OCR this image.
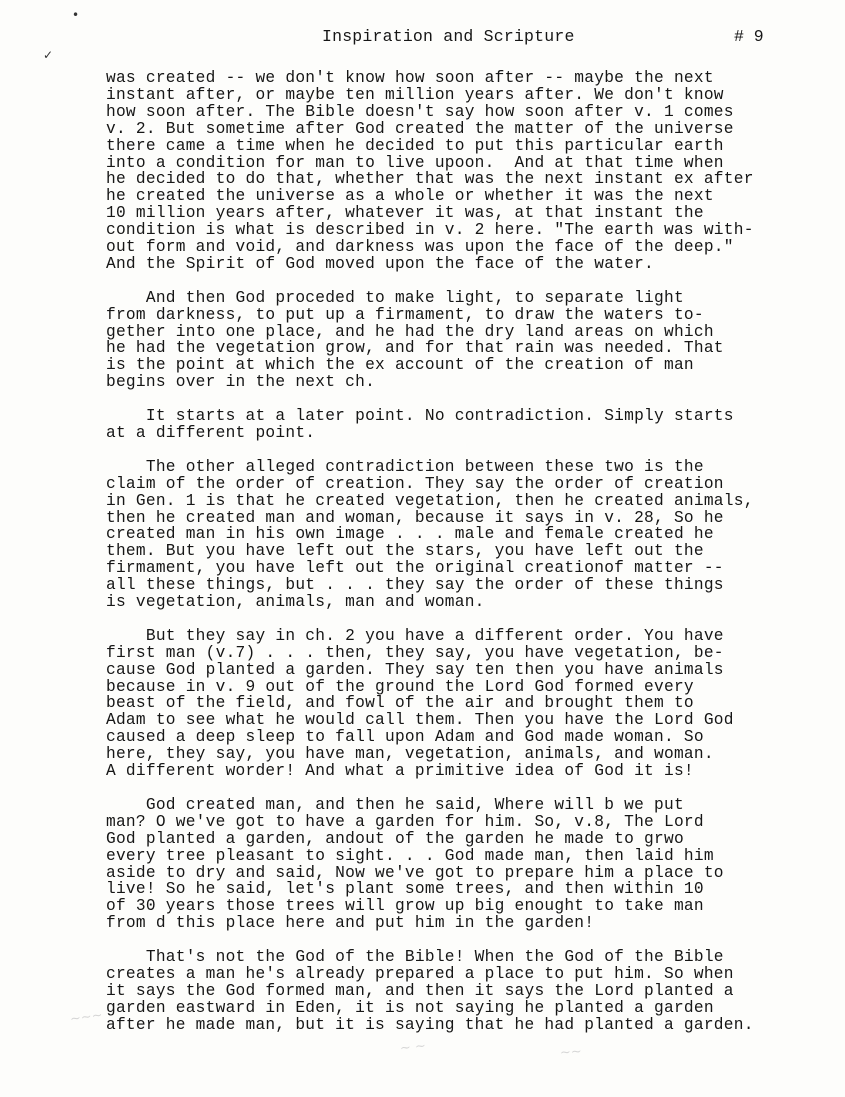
•
✓
Inspiration and Scripture	# 9
was created -- we don't know how soon after -- maybe the next
instant after, or maybe ten million years after. We don't know
how soon after. The Bible doesn't say how soon after v. 1 comes
v. 2. But sometime after God created the matter of the universe
there came a time when he decided to put this particular earth
into a condition for man to live upoon.  And at that time when
he decided to do that, whether that was the next instant ex after
he created the universe as a whole or whether it was the next
10 million years after, whatever it was, at that instant the
condition is what is described in v. 2 here. "The earth was with-
out form and void, and darkness was upon the face of the deep."
And the Spirit of God moved upon the face of the water.
And then God proceded to make light, to separate light
from darkness, to put up a firmament, to draw the waters to-
gether into one place, and he had the dry land areas on which
he had the vegetation grow, and for that rain was needed. That
is the point at which the ex account of the creation of man
begins over in the next ch.
It starts at a later point. No contradiction. Simply starts
at a different point.
The other alleged contradiction between these two is the
claim of the order of creation. They say the order of creation
in Gen. 1 is that he created vegetation, then he created animals,
then he created man and woman, because it says in v. 28, So he
created man in his own image . . . male and female created he
them. But you have left out the stars, you have left out the
firmament, you have left out the original creationof matter --
all these things, but . . . they say the order of these things
is vegetation, animals, man and woman.
But they say in ch. 2 you have a different order. You have
first man (v.7) . . . then, they say, you have vegetation, be-
cause God planted a garden. They say ten then you have animals
because in v. 9 out of the ground the Lord God formed every
beast of the field, and fowl of the air and brought them to
Adam to see what he would call them. Then you have the Lord God
caused a deep sleep to fall upon Adam and God made woman. So
here, they say, you have man, vegetation, animals, and woman.
A different worder! And what a primitive idea of God it is!
God created man, and then he said, Where will b we put
man? O we've got to have a garden for him. So, v.8, The Lord
God planted a garden, andout of the garden he made to grwo
every tree pleasant to sight. . . God made man, then laid him
aside to dry and said, Now we've got to prepare him a place to
live! So he said, let's plant some trees, and then within 10
of 30 years those trees will grow up big enought to take man
from d this place here and put him in the garden!
That's not the God of the Bible! When the God of the Bible
creates a man he's already prepared a place to put him. So when
it says the God formed man, and then it says the Lord planted a
garden eastward in Eden, it is not saying he planted a garden
after he made man, but it is saying that he had planted a garden.
~~~
~ ~	~~
